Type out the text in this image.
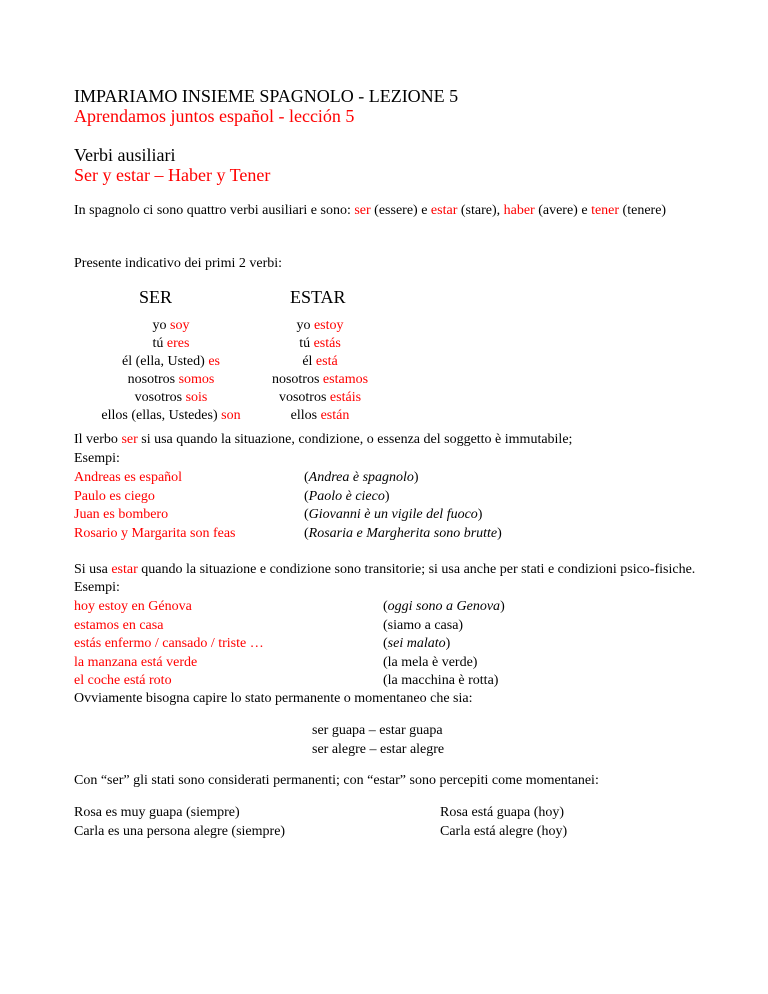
IMPARIAMO INSIEME SPAGNOLO - LEZIONE 5
Aprendamos juntos español - lección 5
Verbi ausiliari
Ser y estar – Haber y Tener
In spagnolo ci sono quattro verbi ausiliari e sono: ser (essere) e estar (stare), haber (avere) e tener (tenere)
Presente indicativo dei primi 2 verbi:
SER	ESTAR
yo soy
tú eres
él (ella, Usted) es
nosotros somos
vosotros sois
ellos (ellas, Ustedes) son
yo estoy
tú estás
él está
nosotros estamos
vosotros estáis
ellos están
Il verbo ser si usa quando la situazione, condizione, o essenza del soggetto è immutabile;
Esempi:
Andreas es español
Paulo es ciego
Juan es bombero
Rosario y Margarita son feas
(Andrea è spagnolo)
(Paolo è cieco)
(Giovanni è un vigile del fuoco)
(Rosaria e Margherita sono brutte)
Si usa estar quando la situazione e condizione sono transitorie; si usa anche per stati e condizioni psico-fisiche. Esempi:
hoy estoy en Génova
estamos en casa
estás enfermo / cansado / triste …
la manzana está verde
el coche está roto
(oggi sono a Genova)
(siamo a casa)
(sei malato)
(la mela è verde)
(la macchina è rotta)
Ovviamente bisogna capire lo stato permanente o momentaneo che sia:
ser guapa – estar guapa
ser alegre – estar alegre
Con “ser” gli stati sono considerati permanenti; con “estar” sono percepiti come momentanei:
Rosa es muy guapa (siempre)
Carla es una persona alegre (siempre)
Rosa está guapa (hoy)
Carla está alegre (hoy)
